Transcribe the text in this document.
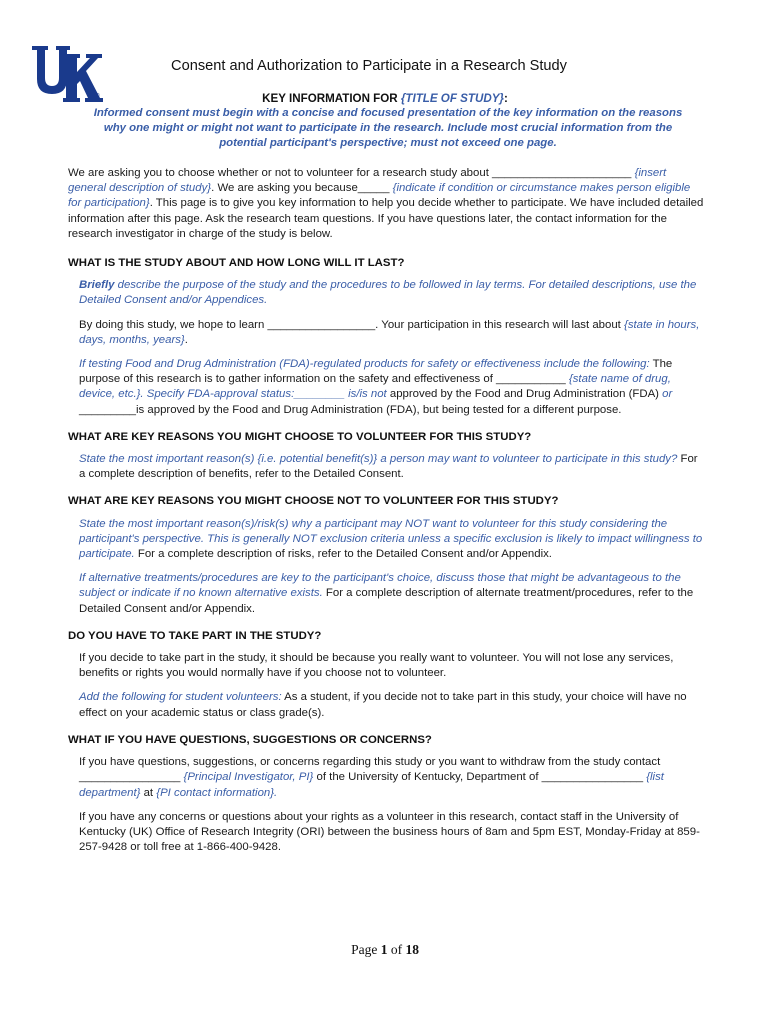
®
Consent and Authorization to Participate in a Research Study
KEY INFORMATION FOR {TITLE OF STUDY}:
Informed consent must begin with a concise and focused presentation of the key information on the reasons why one might or might not want to participate in the research. Include most crucial information from the potential participant's perspective; must not exceed one page.

We are asking you to choose whether or not to volunteer for a research study about ______________________ {insert general description of study}. We are asking you because_____ {indicate if condition or circumstance makes person eligible for participation}. This page is to give you key information to help you decide whether to participate. We have included detailed information after this page. Ask the research team questions. If you have questions later, the contact information for the research investigator in charge of the study is below.

WHAT IS THE STUDY ABOUT AND HOW LONG WILL IT LAST?

Briefly describe the purpose of the study and the procedures to be followed in lay terms. For detailed descriptions, use the Detailed Consent and/or Appendices.

By doing this study, we hope to learn _________________. Your participation in this research will last about {state in hours, days, months, years}.

If testing Food and Drug Administration (FDA)-regulated products for safety or effectiveness include the following: The purpose of this research is to gather information on the safety and effectiveness of ___________ {state name of drug, device, etc.}. Specify FDA-approval status:________ is/is not approved by the Food and Drug Administration (FDA) or _________is approved by the Food and Drug Administration (FDA), but being tested for a different purpose.

WHAT ARE KEY REASONS YOU MIGHT CHOOSE TO VOLUNTEER FOR THIS STUDY?

State the most important reason(s) {i.e. potential benefit(s)} a person may want to volunteer to participate in this study? For a complete description of benefits, refer to the Detailed Consent.

WHAT ARE KEY REASONS YOU MIGHT CHOOSE NOT TO VOLUNTEER FOR THIS STUDY?

State the most important reason(s)/risk(s) why a participant may NOT want to volunteer for this study considering the participant's perspective. This is generally NOT exclusion criteria unless a specific exclusion is likely to impact willingness to participate. For a complete description of risks, refer to the Detailed Consent and/or Appendix.

If alternative treatments/procedures are key to the participant's choice, discuss those that might be advantageous to the subject or indicate if no known alternative exists. For a complete description of alternate treatment/procedures, refer to the Detailed Consent and/or Appendix.

DO YOU HAVE TO TAKE PART IN THE STUDY?

If you decide to take part in the study, it should be because you really want to volunteer. You will not lose any services, benefits or rights you would normally have if you choose not to volunteer.

Add the following for student volunteers: As a student, if you decide not to take part in this study, your choice will have no effect on your academic status or class grade(s).

WHAT IF YOU HAVE QUESTIONS, SUGGESTIONS OR CONCERNS?

If you have questions, suggestions, or concerns regarding this study or you want to withdraw from the study contact ________________ {Principal Investigator, PI} of the University of Kentucky, Department of ________________ {list department} at {PI contact information}.

If you have any concerns or questions about your rights as a volunteer in this research, contact staff in the University of Kentucky (UK) Office of Research Integrity (ORI) between the business hours of 8am and 5pm EST, Monday-Friday at 859-257-9428 or toll free at 1-866-400-9428.

Page 1 of 18
